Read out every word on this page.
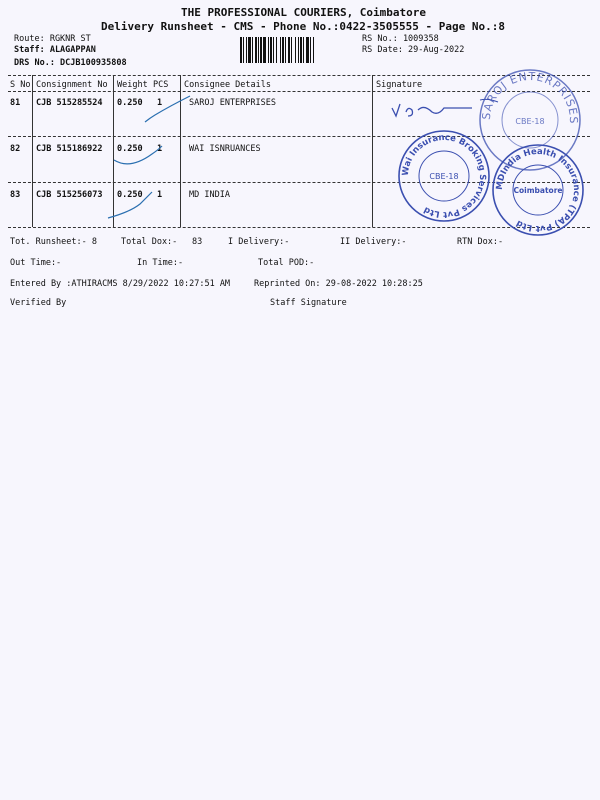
THE PROFESSIONAL COURIERS, Coimbatore
Delivery Runsheet - CMS - Phone No.:0422-3505555 - Page No.:8
Route: RGKNR ST
Staff: ALAGAPPAN
DRS No.: DCJB100935808
RS No.: 1009358
RS Date: 29-Aug-2022
S No Consignment No Weight PCS Consignee Details	Signature
81 CJB 515285524 0.250 1	SAROJ ENTERPRISES
82 CJB 515186922 0.250 1	WAI ISNRUANCES
83 CJB 515256073 0.250 1	MD INDIA
SAROJ ENTERPRISES
CBE-18
Wai Insurance Broking Services Pvt Ltd
CBE-18
MDIndia Health Insurance (TPA) Pvt Ltd
Coimbatore
Tot. Runsheet:- 8	Total Dox:- 83	I Delivery:-	II Delivery:-	RTN Dox:-
Out Time:-	In Time:-	Total POD:-
Entered By :ATHIRACMS 8/29/2022 10:27:51 AM	Reprinted On: 29-08-2022 10:28:25
Verified By	Staff Signature
